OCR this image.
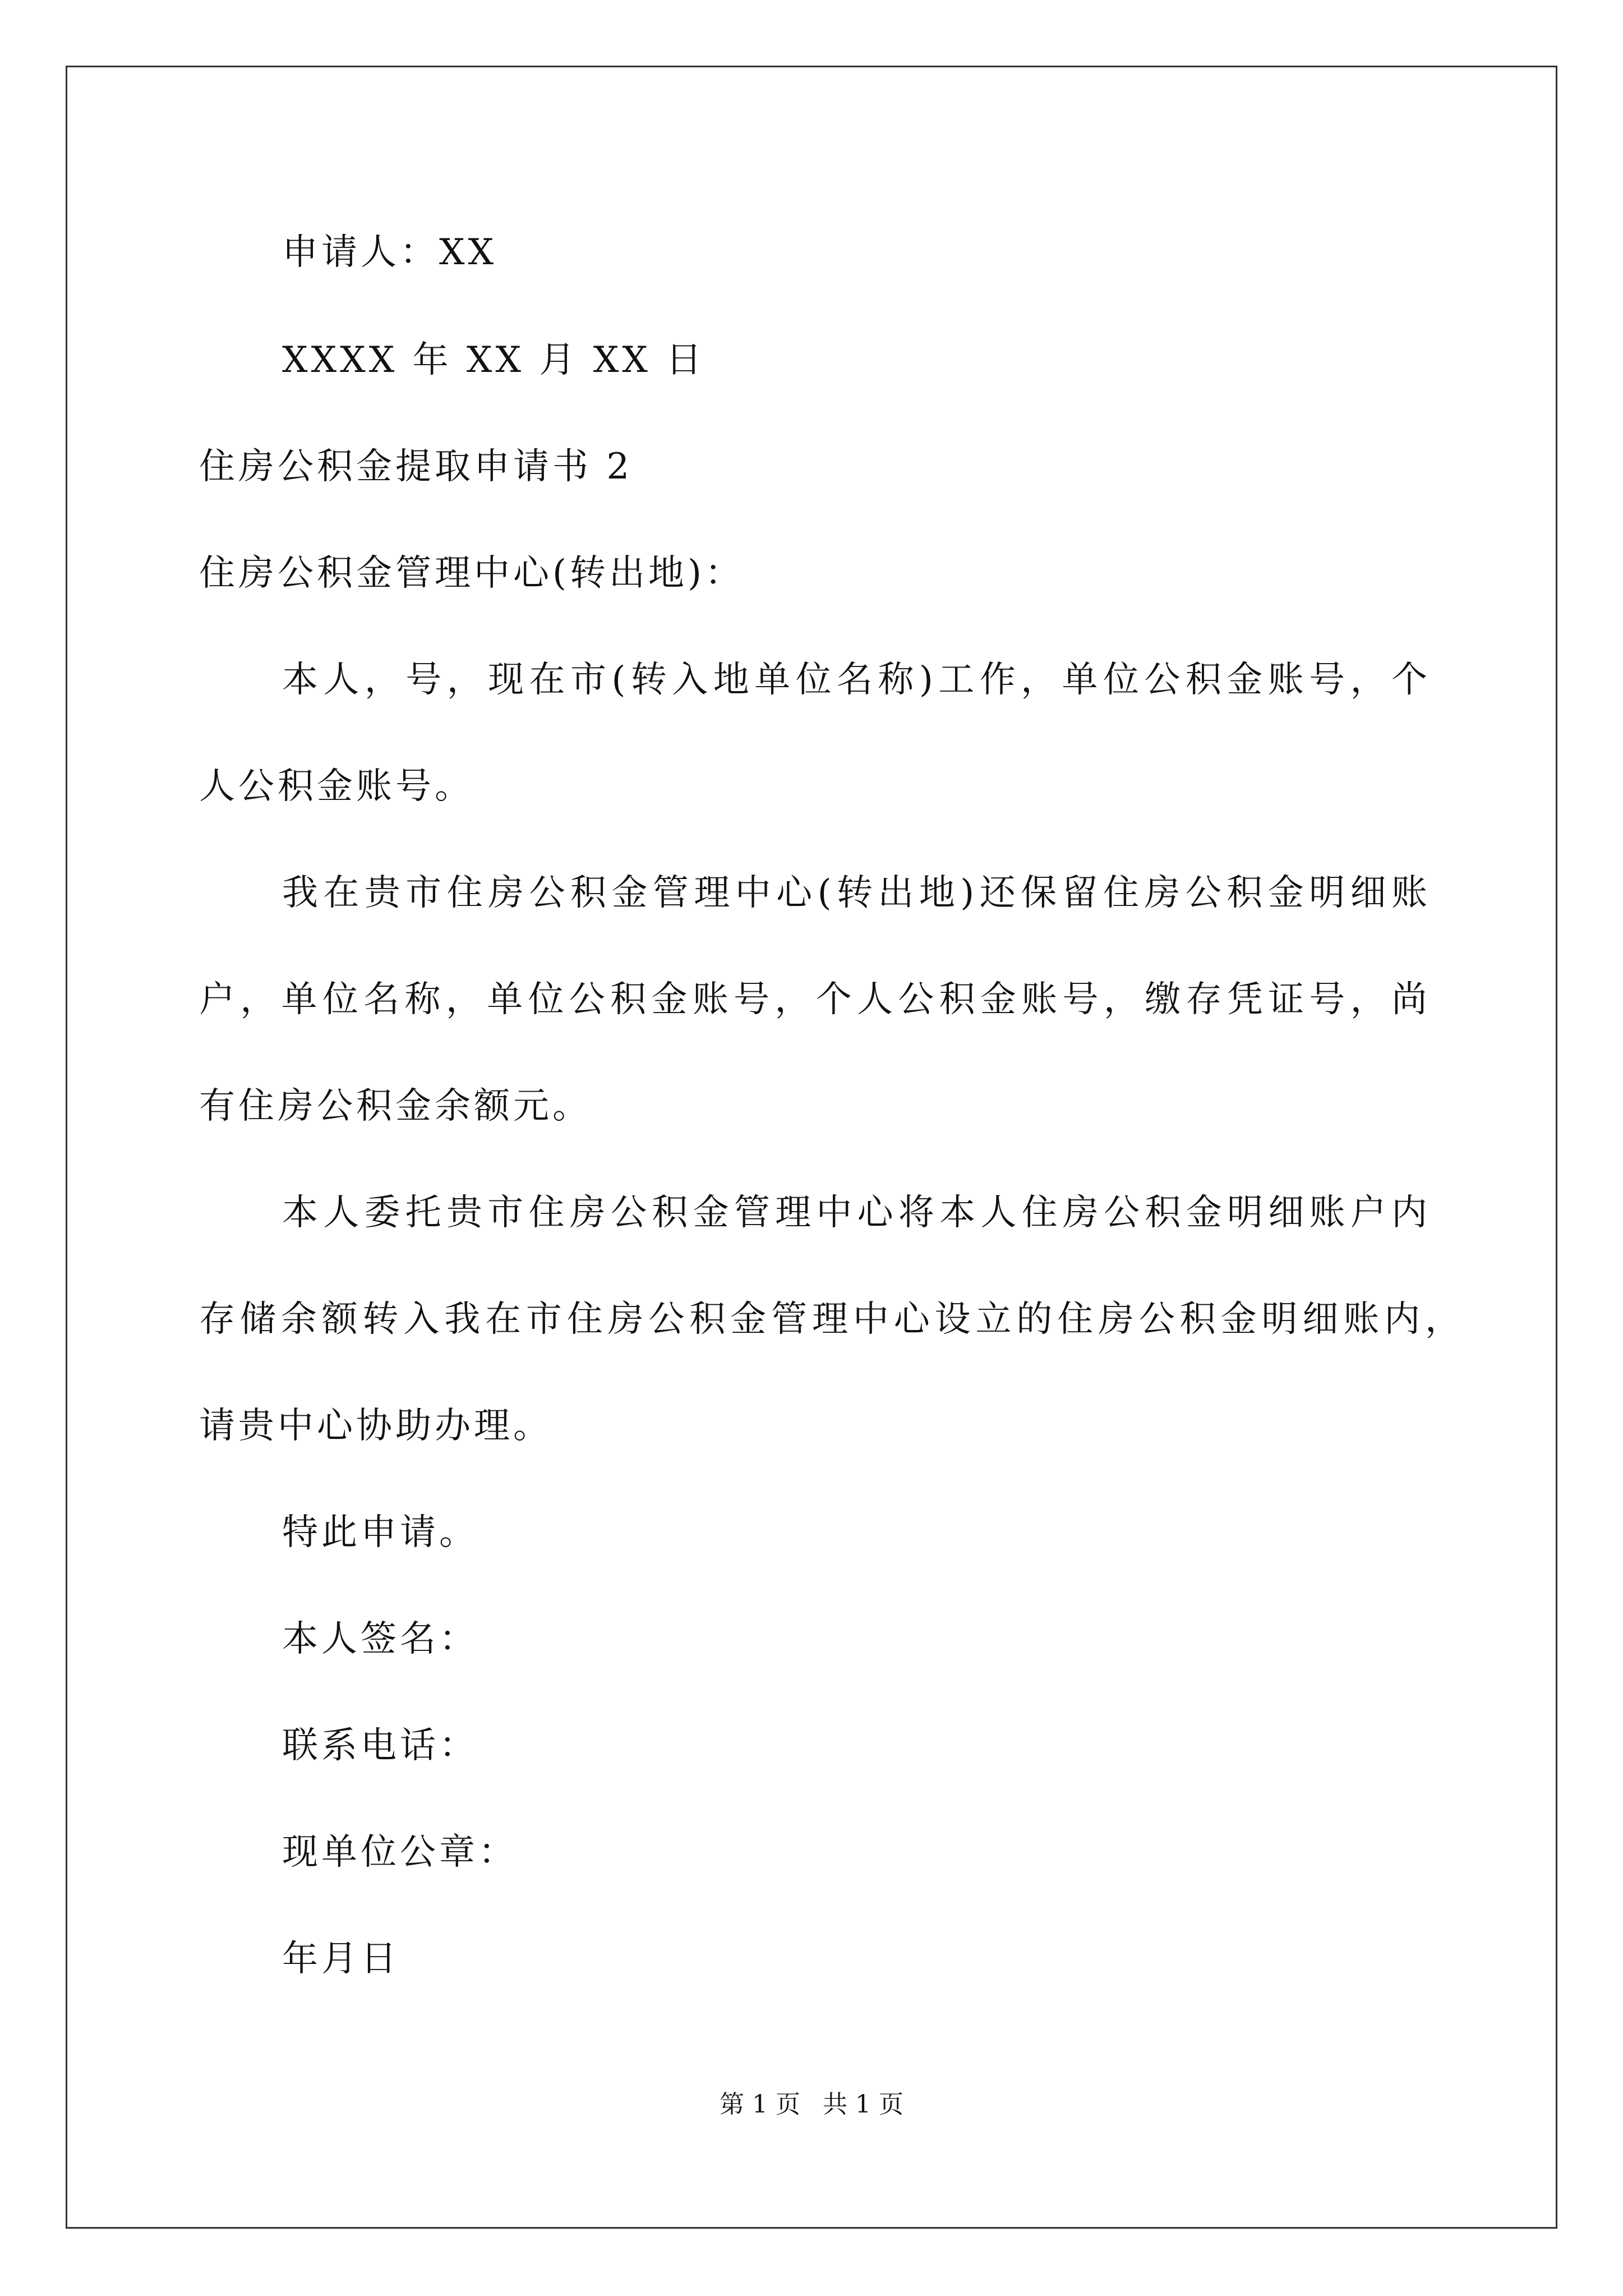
申请人：XX
XXXX 年 XX 月 XX 日
住房公积金提取申请书 2
住房公积金管理中心(转出地)：
本人，号，现在市(转入地单位名称)工作，单位公积金账号，个
人公积金账号。
我在贵市住房公积金管理中心(转出地)还保留住房公积金明细账
户，单位名称，单位公积金账号，个人公积金账号，缴存凭证号，尚
有住房公积金余额元。
本人委托贵市住房公积金管理中心将本人住房公积金明细账户内
存储余额转入我在市住房公积金管理中心设立的住房公积金明细账内，
请贵中心协助办理。
特此申请。
本人签名：
联系电话：
现单位公章：
年月日
第 1 页 共 1 页
